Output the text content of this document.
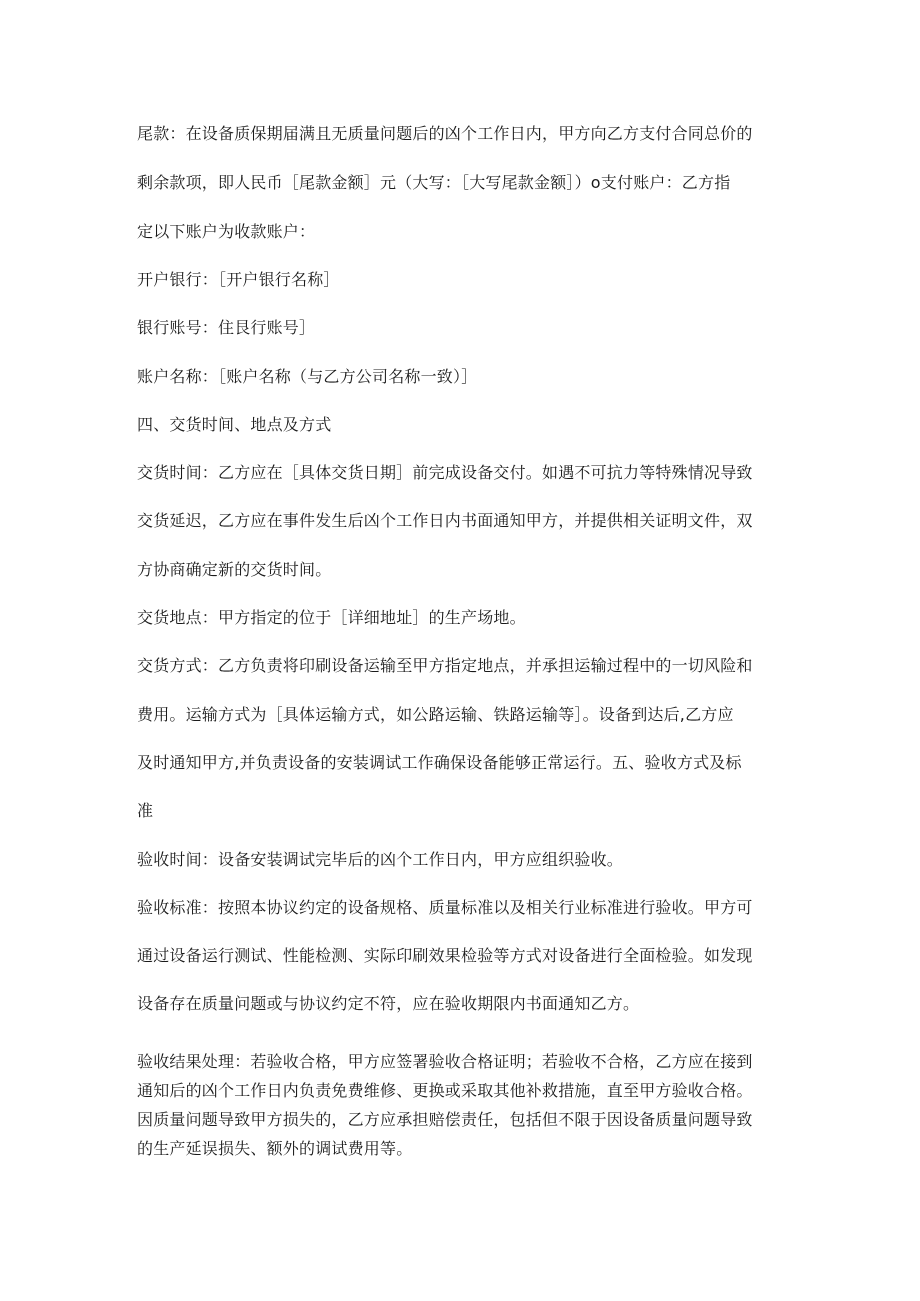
尾款：在设备质保期届满且无质量问题后的凶个工作日内，甲方向乙方支付合同总价的
剩余款项，即人民币［尾款金额］元（大写：［大写尾款金额］）o支付账户：乙方指
定以下账户为收款账户：
开户银行：［开户银行名称］
银行账号：住艮行账号］
账户名称：［账户名称（与乙方公司名称一致）］
四、交货时间、地点及方式
交货时间：乙方应在［具体交货日期］前完成设备交付。如遇不可抗力等特殊情况导致
交货延迟，乙方应在事件发生后凶个工作日内书面通知甲方，并提供相关证明文件，双
方协商确定新的交货时间。
交货地点：甲方指定的位于［详细地址］的生产场地。
交货方式：乙方负责将印刷设备运输至甲方指定地点，并承担运输过程中的一切风险和
费用。运输方式为［具体运输方式，如公路运输、铁路运输等］。设备到达后,乙方应
及时通知甲方,并负责设备的安装调试工作确保设备能够正常运行。五、验收方式及标
准
验收时间：设备安装调试完毕后的凶个工作日内，甲方应组织验收。
验收标准：按照本协议约定的设备规格、质量标准以及相关行业标准进行验收。甲方可
通过设备运行测试、性能检测、实际印刷效果检验等方式对设备进行全面检验。如发现
设备存在质量问题或与协议约定不符，应在验收期限内书面通知乙方。
验收结果处理：若验收合格，甲方应签署验收合格证明；若验收不合格，乙方应在接到
通知后的凶个工作日内负责免费维修、更换或采取其他补救措施，直至甲方验收合格。
因质量问题导致甲方损失的，乙方应承担赔偿责任，包括但不限于因设备质量问题导致
的生产延误损失、额外的调试费用等。
